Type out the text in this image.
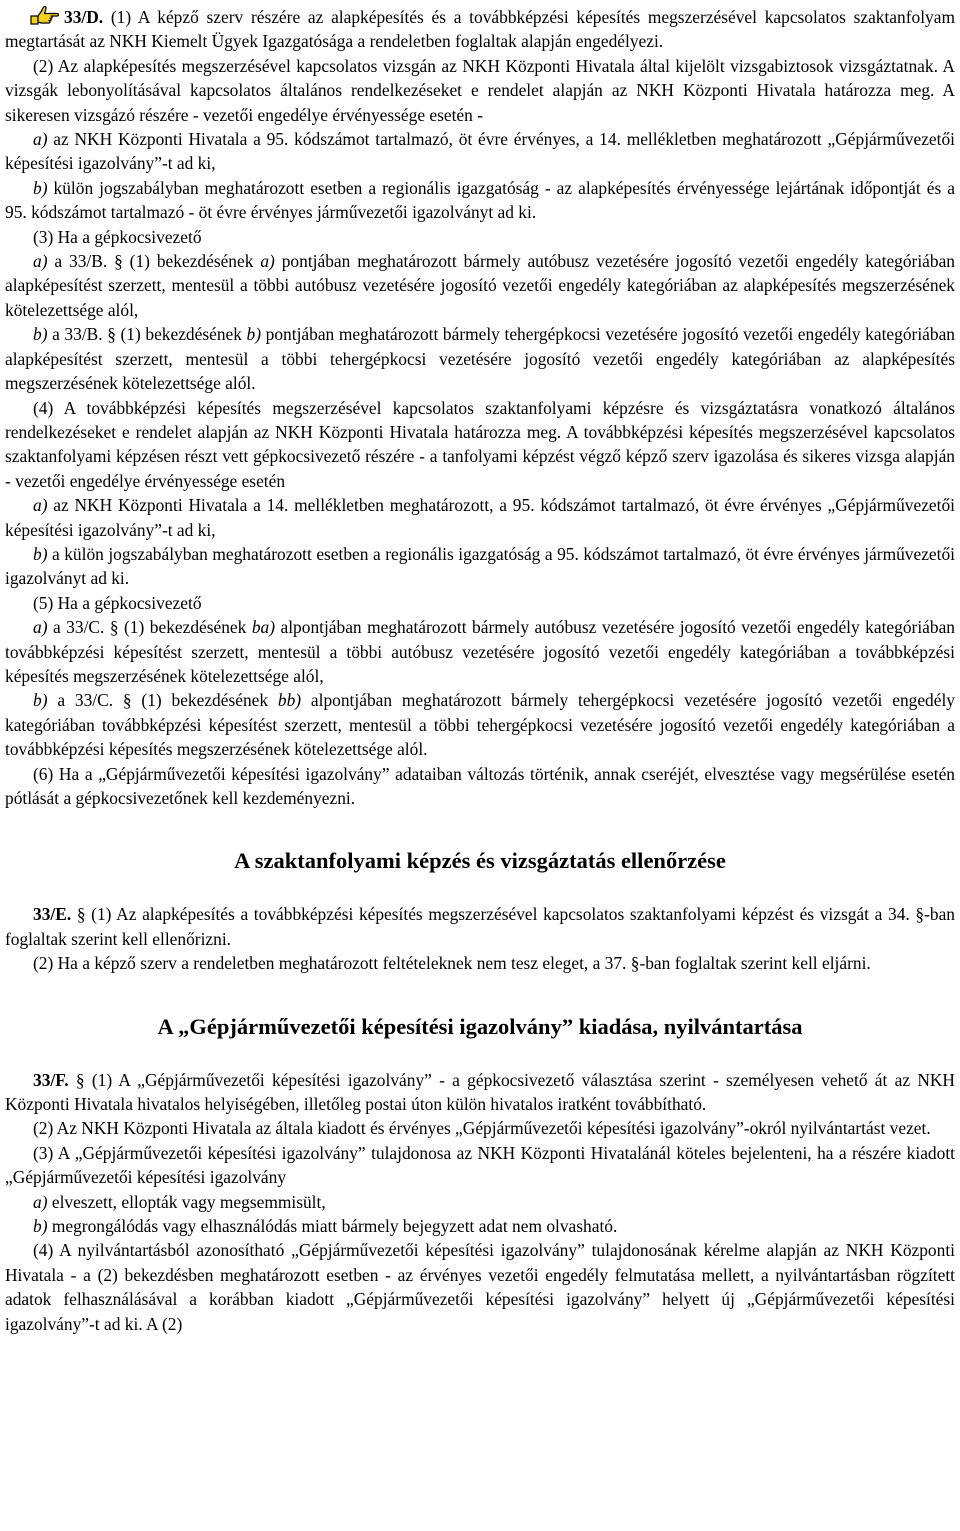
33/D. (1) A képző szerv részére az alapképesítés és a továbbképzési képesítés megszerzésével kapcsolatos szaktanfolyam megtartását az NKH Kiemelt Ügyek Igazgatósága a rendeletben foglaltak alapján engedélyezi.

(2) Az alapképesítés megszerzésével kapcsolatos vizsgán az NKH Központi Hivatala által kijelölt vizsgabiztosok vizsgáztatnak. A vizsgák lebonyolításával kapcsolatos általános rendelkezéseket e rendelet alapján az NKH Központi Hivatala határozza meg. A sikeresen vizsgázó részére - vezetői engedélye érvényessége esetén -

a) az NKH Központi Hivatala a 95. kódszámot tartalmazó, öt évre érvényes, a 14. mellékletben meghatározott „Gépjárművezetői képesítési igazolvány”-t ad ki,

b) külön jogszabályban meghatározott esetben a regionális igazgatóság - az alapképesítés érvényessége lejártának időpontját és a 95. kódszámot tartalmazó - öt évre érvényes járművezetői igazolványt ad ki.

(3) Ha a gépkocsivezető

a) a 33/B. § (1) bekezdésének a) pontjában meghatározott bármely autóbusz vezetésére jogosító vezetői engedély kategóriában alapképesítést szerzett, mentesül a többi autóbusz vezetésére jogosító vezetői engedély kategóriában az alapképesítés megszerzésének kötelezettsége alól,

b) a 33/B. § (1) bekezdésének b) pontjában meghatározott bármely tehergépkocsi vezetésére jogosító vezetői engedély kategóriában alapképesítést szerzett, mentesül a többi tehergépkocsi vezetésére jogosító vezetői engedély kategóriában az alapképesítés megszerzésének kötelezettsége alól.

(4) A továbbképzési képesítés megszerzésével kapcsolatos szaktanfolyami képzésre és vizsgáztatásra vonatkozó általános rendelkezéseket e rendelet alapján az NKH Központi Hivatala határozza meg. A továbbképzési képesítés megszerzésével kapcsolatos szaktanfolyami képzésen részt vett gépkocsivezető részére - a tanfolyami képzést végző képző szerv igazolása és sikeres vizsga alapján - vezetői engedélye érvényessége esetén

a) az NKH Központi Hivatala a 14. mellékletben meghatározott, a 95. kódszámot tartalmazó, öt évre érvényes „Gépjárművezetői képesítési igazolvány”-t ad ki,

b) a külön jogszabályban meghatározott esetben a regionális igazgatóság a 95. kódszámot tartalmazó, öt évre érvényes járművezetői igazolványt ad ki.

(5) Ha a gépkocsivezető

a) a 33/C. § (1) bekezdésének ba) alpontjában meghatározott bármely autóbusz vezetésére jogosító vezetői engedély kategóriában továbbképzési képesítést szerzett, mentesül a többi autóbusz vezetésére jogosító vezetői engedély kategóriában a továbbképzési képesítés megszerzésének kötelezettsége alól,

b) a 33/C. § (1) bekezdésének bb) alpontjában meghatározott bármely tehergépkocsi vezetésére jogosító vezetői engedély kategóriában továbbképzési képesítést szerzett, mentesül a többi tehergépkocsi vezetésére jogosító vezetői engedély kategóriában a továbbképzési képesítés megszerzésének kötelezettsége alól.

(6) Ha a „Gépjárművezetői képesítési igazolvány” adataiban változás történik, annak cseréjét, elvesztése vagy megsérülése esetén pótlását a gépkocsivezetőnek kell kezdeményezni.

A szaktanfolyami képzés és vizsgáztatás ellenőrzése

33/E. § (1) Az alapképesítés a továbbképzési képesítés megszerzésével kapcsolatos szaktanfolyami képzést és vizsgát a 34. §-ban foglaltak szerint kell ellenőrizni.

(2) Ha a képző szerv a rendeletben meghatározott feltételeknek nem tesz eleget, a 37. §-ban foglaltak szerint kell eljárni.

A „Gépjárművezetői képesítési igazolvány” kiadása, nyilvántartása

33/F. § (1) A „Gépjárművezetői képesítési igazolvány” - a gépkocsivezető választása szerint - személyesen vehető át az NKH Központi Hivatala hivatalos helyiségében, illetőleg postai úton külön hivatalos iratként továbbítható.

(2) Az NKH Központi Hivatala az általa kiadott és érvényes „Gépjárművezetői képesítési igazolvány”-okról nyilvántartást vezet.

(3) A „Gépjárművezetői képesítési igazolvány” tulajdonosa az NKH Központi Hivatalánál köteles bejelenteni, ha a részére kiadott „Gépjárművezetői képesítési igazolvány

a) elveszett, ellopták vagy megsemmisült,

b) megrongálódás vagy elhasználódás miatt bármely bejegyzett adat nem olvasható.

(4) A nyilvántartásból azonosítható „Gépjárművezetői képesítési igazolvány” tulajdonosának kérelme alapján az NKH Központi Hivatala - a (2) bekezdésben meghatározott esetben - az érvényes vezetői engedély felmutatása mellett, a nyilvántartásban rögzített adatok felhasználásával a korábban kiadott „Gépjárművezetői képesítési igazolvány” helyett új „Gépjárművezetői képesítési igazolvány”-t ad ki. A (2)
